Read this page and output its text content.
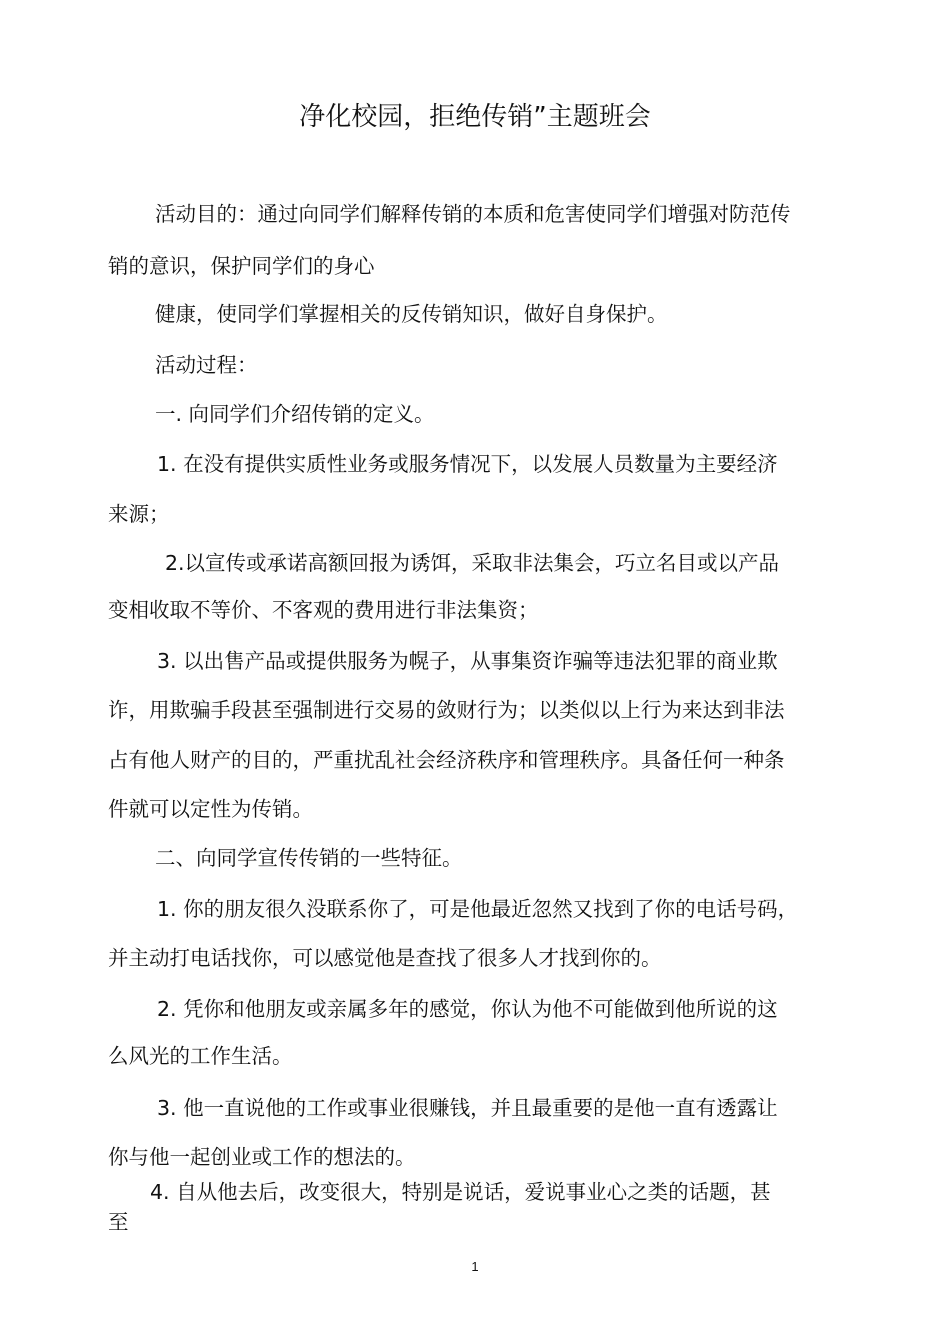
净化校园，拒绝传销”主题班会
活动目的：通过向同学们解释传销的本质和危害使同学们增强对防范传
销的意识，保护同学们的身心
健康，使同学们掌握相关的反传销知识，做好自身保护。
活动过程：
一. 向同学们介绍传销的定义。
1. 在没有提供实质性业务或服务情况下，以发展人员数量为主要经济
来源；
2.以宣传或承诺高额回报为诱饵，采取非法集会，巧立名目或以产品
变相收取不等价、不客观的费用进行非法集资；
3. 以出售产品或提供服务为幌子，从事集资诈骗等违法犯罪的商业欺
诈，用欺骗手段甚至强制进行交易的敛财行为；以类似以上行为来达到非法
占有他人财产的目的，严重扰乱社会经济秩序和管理秩序。具备任何一种条
件就可以定性为传销。
二、向同学宣传传销的一些特征。
1. 你的朋友很久没联系你了，可是他最近忽然又找到了你的电话号码，
并主动打电话找你，可以感觉他是查找了很多人才找到你的。
2. 凭你和他朋友或亲属多年的感觉，你认为他不可能做到他所说的这
么风光的工作生活。
3. 他一直说他的工作或事业很赚钱，并且最重要的是他一直有透露让
你与他一起创业或工作的想法的。
4. 自从他去后，改变很大，特别是说话，爱说事业心之类的话题，甚
至
1
